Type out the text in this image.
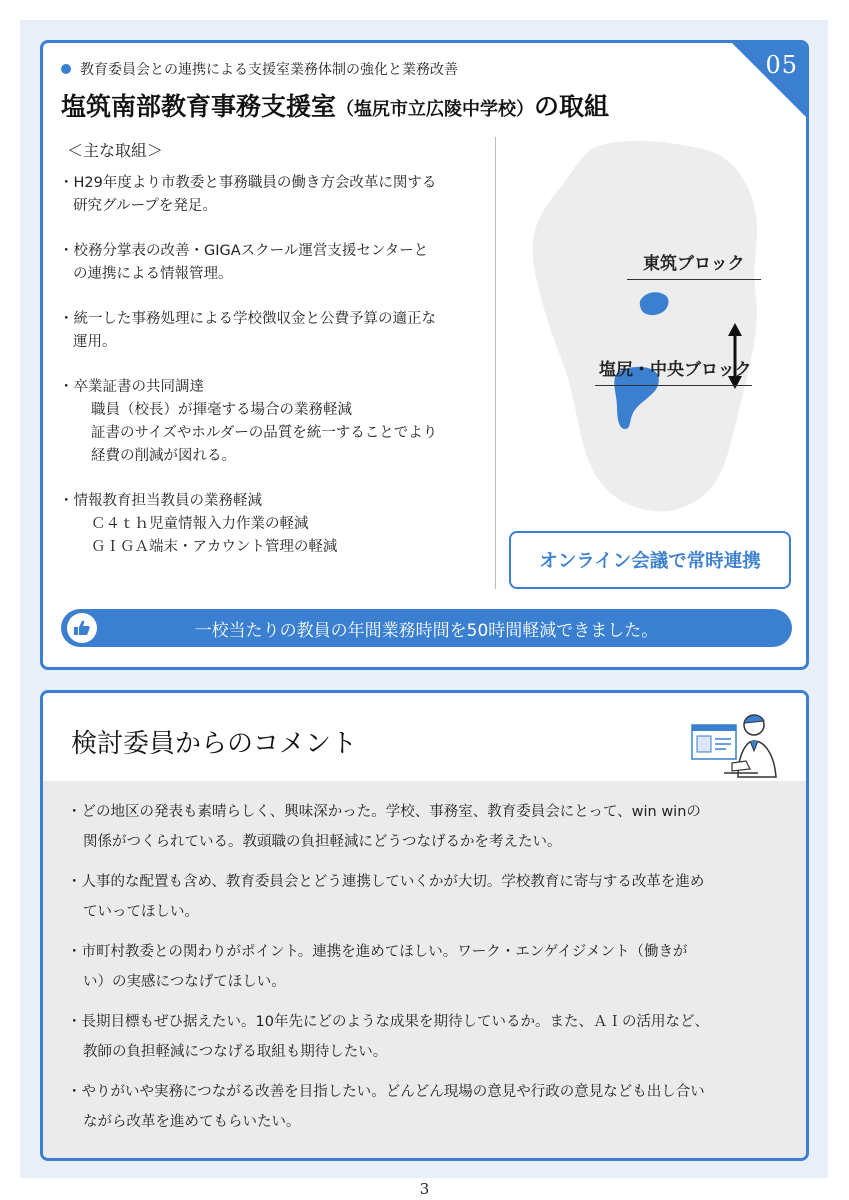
05
教育委員会との連携による支援室業務体制の強化と業務改善
塩筑南部教育事務支援室（塩尻市立広陵中学校）の取組
＜主な取組＞
・H29年度より市教委と事務職員の働き方会改革に関する
研究グループを発足。
・校務分掌表の改善・GIGAスクール運営支援センターと
の連携による情報管理。
・統一した事務処理による学校徴収金と公費予算の適正な
運用。
・卒業証書の共同調達
職員（校長）が揮毫する場合の業務軽減
証書のサイズやホルダーの品質を統一することでより
経費の削減が図れる。
・情報教育担当教員の業務軽減
Ｃ４ｔｈ児童情報入力作業の軽減
ＧＩＧＡ端末・アカウント管理の軽減
東筑ブロック
塩尻・中央ブロック
オンライン会議で常時連携
一校当たりの教員の年間業務時間を50時間軽減できました。
検討委員からのコメント
・どの地区の発表も素晴らしく、興味深かった。学校、事務室、教育委員会にとって、win winの
関係がつくられている。教頭職の負担軽減にどうつなげるかを考えたい。
・人事的な配置も含め、教育委員会とどう連携していくかが大切。学校教育に寄与する改革を進め
ていってほしい。
・市町村教委との関わりがポイント。連携を進めてほしい。ワーク・エンゲイジメント（働きが
い）の実感につなげてほしい。
・長期目標もぜひ据えたい。10年先にどのような成果を期待しているか。また、ＡＩの活用など、
教師の負担軽減につなげる取組も期待したい。
・やりがいや実務につながる改善を目指したい。どんどん現場の意見や行政の意見なども出し合い
ながら改革を進めてもらいたい。
3
